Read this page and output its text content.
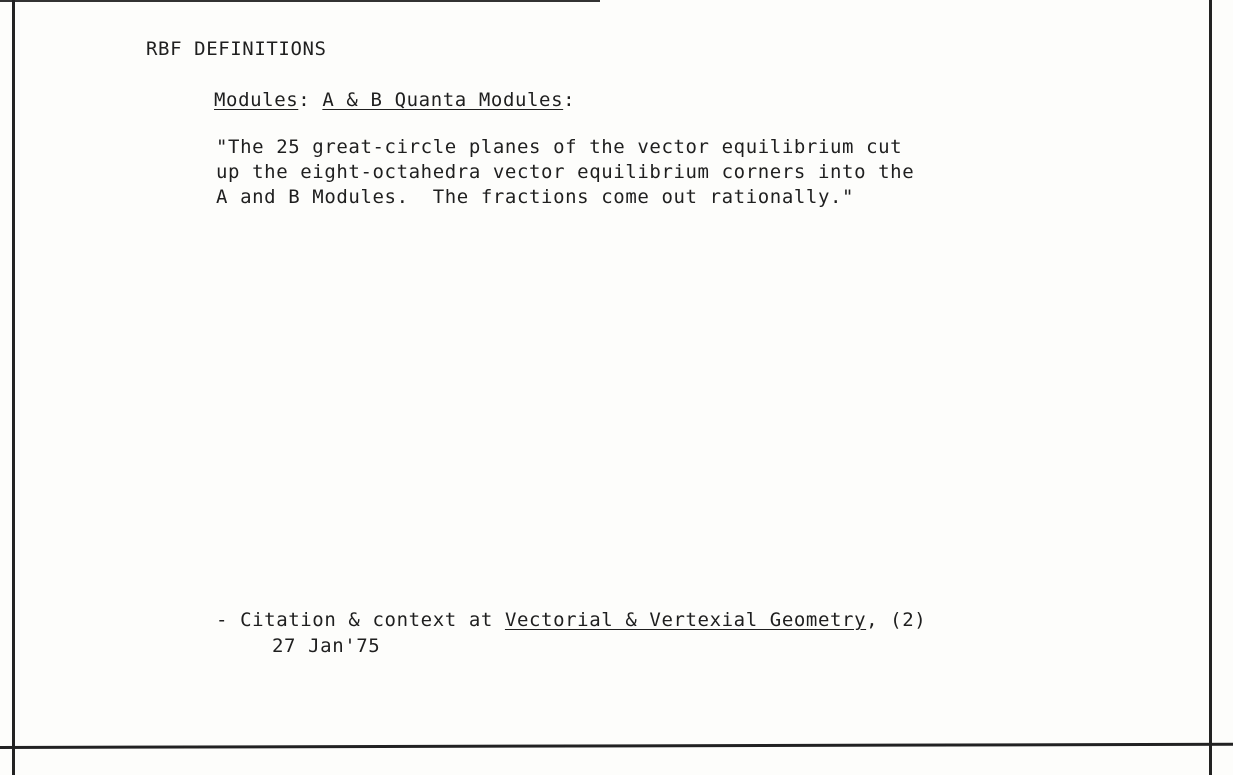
RBF DEFINITIONS
Modules: A & B Quanta Modules:
"The 25 great-circle planes of the vector equilibrium cut
up the eight-octahedra vector equilibrium corners into the
A and B Modules.  The fractions come out rationally."
- Citation & context at Vectorial & Vertexial Geometry, (2)
27 Jan'75
